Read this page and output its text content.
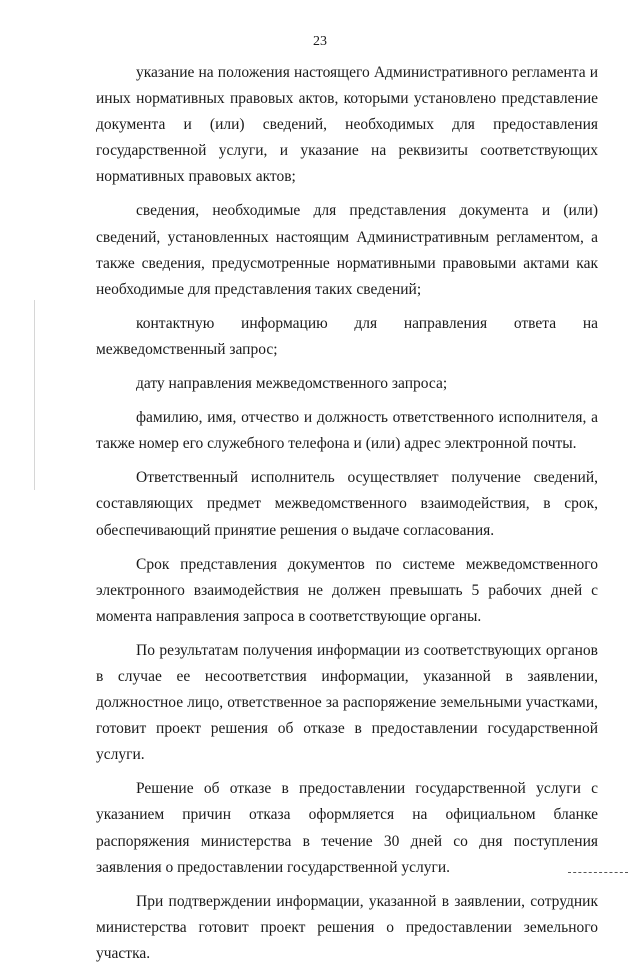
23

указание на положения настоящего Административного регламента и иных нормативных правовых актов, которыми установлено представление документа и (или) сведений, необходимых для предоставления государственной услуги, и указание на реквизиты соответствующих нормативных правовых актов;

сведения, необходимые для представления документа и (или) сведений, установленных настоящим Административным регламентом, а также сведения, предусмотренные нормативными правовыми актами как необходимые для представления таких сведений;

контактную информацию для направления ответа на межведомственный запрос;

дату направления межведомственного запроса;

фамилию, имя, отчество и должность ответственного исполнителя, а также номер его служебного телефона и (или) адрес электронной почты.

Ответственный исполнитель осуществляет получение сведений, составляющих предмет межведомственного взаимодействия, в срок, обеспечивающий принятие решения о выдаче согласования.

Срок представления документов по системе межведомственного электронного взаимодействия не должен превышать 5 рабочих дней с момента направления запроса в соответствующие органы.

По результатам получения информации из соответствующих органов в случае ее несоответствия информации, указанной в заявлении, должностное лицо, ответственное за распоряжение земельными участками, готовит проект решения об отказе в предоставлении государственной услуги.

Решение об отказе в предоставлении государственной услуги с указанием причин отказа оформляется на официальном бланке распоряжения министерства в течение 30 дней со дня поступления заявления о предоставлении государственной услуги.

При подтверждении информации, указанной в заявлении, сотрудник министерства готовит проект решения о предоставлении земельного участка.
